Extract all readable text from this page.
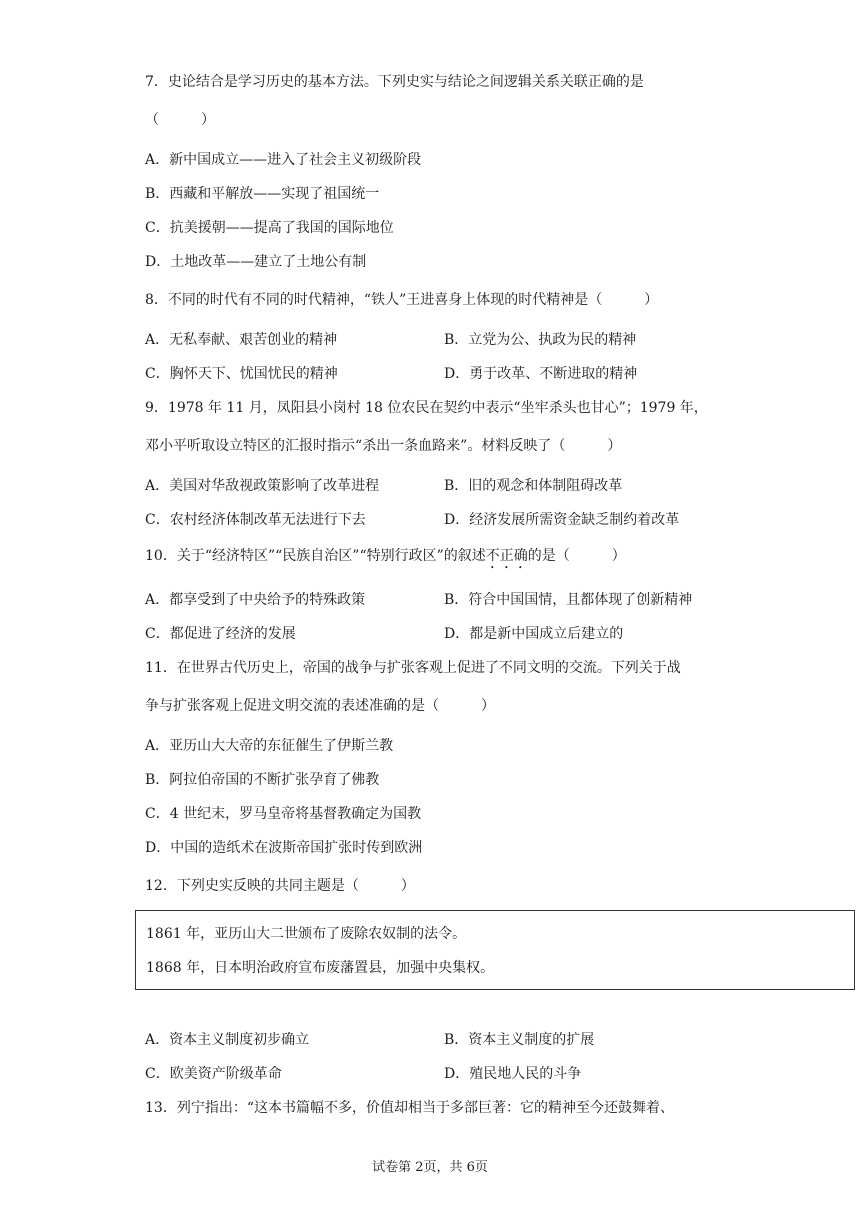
7．史论结合是学习历史的基本方法。下列史实与结论之间逻辑关系关联正确的是
（　　　）
A．新中国成立——进入了社会主义初级阶段
B．西藏和平解放——实现了祖国统一
C．抗美援朝——提高了我国的国际地位
D．土地改革——建立了土地公有制
8．不同的时代有不同的时代精神，“铁人”王进喜身上体现的时代精神是（　　　）
A．无私奉献、艰苦创业的精神	B．立党为公、执政为民的精神
C．胸怀天下、忧国忧民的精神	D．勇于改革、不断进取的精神
9．1978 年 11 月，凤阳县小岗村 18 位农民在契约中表示“坐牢杀头也甘心”；1979 年，
邓小平听取设立特区的汇报时指示“杀出一条血路来”。材料反映了（　　　）
A．美国对华敌视政策影响了改革进程	B．旧的观念和体制阻碍改革
C．农村经济体制改革无法进行下去	D．经济发展所需资金缺乏制约着改革
10．关于“经济特区”“民族自治区”“特别行政区”的叙述不正确的是（　　　）
A．都享受到了中央给予的特殊政策	B．符合中国国情，且都体现了创新精神
C．都促进了经济的发展	D．都是新中国成立后建立的
11．在世界古代历史上，帝国的战争与扩张客观上促进了不同文明的交流。下列关于战
争与扩张客观上促进文明交流的表述准确的是（　　　）
A．亚历山大大帝的东征催生了伊斯兰教
B．阿拉伯帝国的不断扩张孕育了佛教
C．4 世纪末，罗马皇帝将基督教确定为国教
D．中国的造纸术在波斯帝国扩张时传到欧洲
12．下列史实反映的共同主题是（　　　）
1861 年，亚历山大二世颁布了废除农奴制的法令。
1868 年，日本明治政府宣布废藩置县，加强中央集权。
A．资本主义制度初步确立	B．资本主义制度的扩展
C．欧美资产阶级革命	D．殖民地人民的斗争
13．列宁指出：“这本书篇幅不多，价值却相当于多部巨著：它的精神至今还鼓舞着、
试卷第 2页，共 6页
